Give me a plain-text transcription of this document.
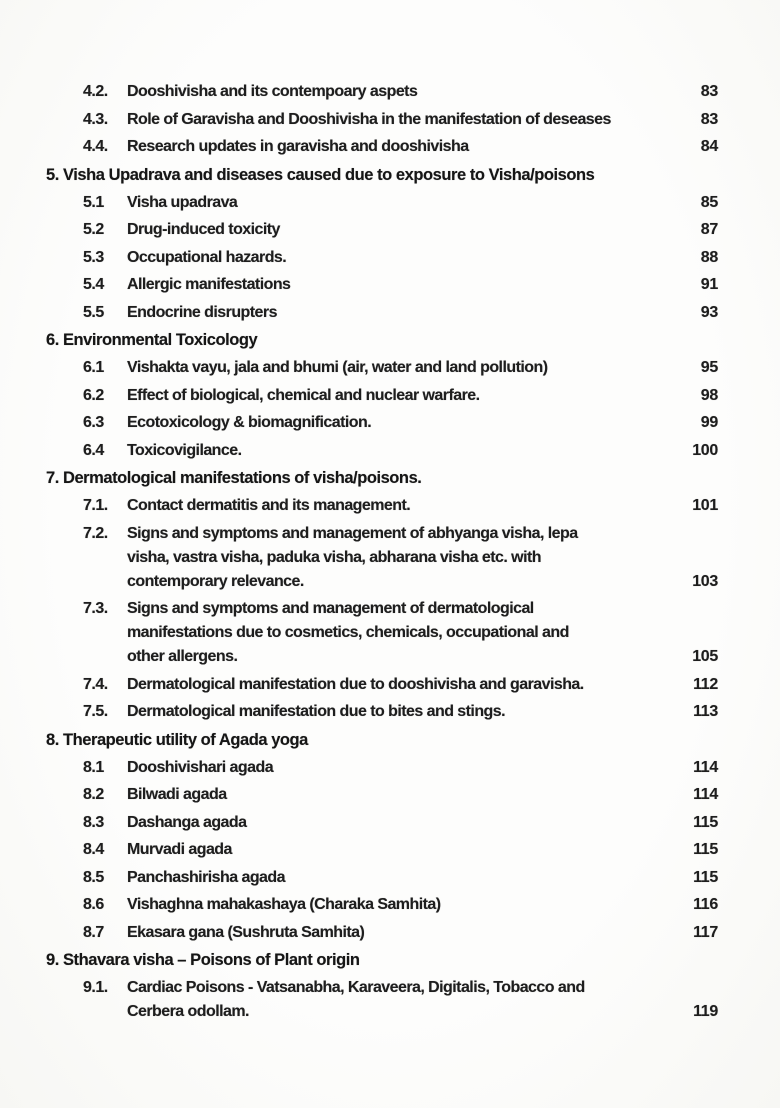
4.2.	Dooshivisha and its contempoary aspets	83
4.3.	Role of Garavisha and Dooshivisha in the manifestation of deseases	83
4.4.	Research updates in garavisha and dooshivisha	84
5. Visha Upadrava and diseases caused due to exposure to Visha/poisons
5.1	Visha upadrava	85
5.2	Drug-induced toxicity	87
5.3	Occupational hazards.	88
5.4	Allergic manifestations	91
5.5	Endocrine disrupters	93
6. Environmental Toxicology
6.1	Vishakta vayu, jala and bhumi (air, water and land pollution)	95
6.2	Effect of biological, chemical and nuclear warfare.	98
6.3	Ecotoxicology & biomagnification.	99
6.4	Toxicovigilance.	100
7. Dermatological manifestations of visha/poisons.
7.1.	Contact dermatitis and its management.	101
7.2.	Signs and symptoms and management of abhyanga visha, lepa
visha, vastra visha, paduka visha, abharana visha etc. with
contemporary relevance.	103
7.3.	Signs and symptoms and management of dermatological
manifestations due to cosmetics, chemicals, occupational and
other allergens.	105
7.4.	Dermatological manifestation due to dooshivisha and garavisha.	112
7.5.	Dermatological manifestation due to bites and stings.	113
8. Therapeutic utility of Agada yoga
8.1	Dooshivishari agada	114
8.2	Bilwadi agada	114
8.3	Dashanga agada	115
8.4	Murvadi agada	115
8.5	Panchashirisha agada	115
8.6	Vishaghna mahakashaya (Charaka Samhita)	116
8.7	Ekasara gana (Sushruta Samhita)	117
9. Sthavara visha – Poisons of Plant origin
9.1.	Cardiac Poisons - Vatsanabha, Karaveera, Digitalis, Tobacco and
Cerbera odollam.	119
